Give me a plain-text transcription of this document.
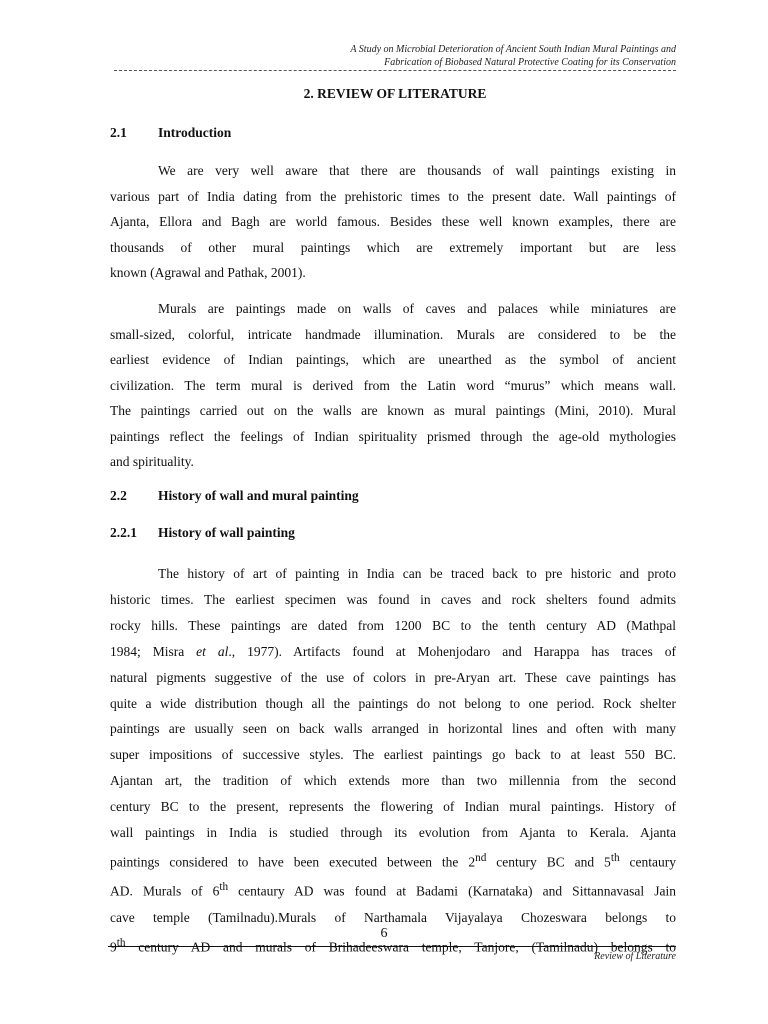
A Study on Microbial Deterioration of Ancient South Indian Mural Paintings and
Fabrication of Biobased Natural Protective Coating for its Conservation
2. REVIEW OF LITERATURE
2.1 Introduction

We are very well aware that there are thousands of wall paintings existing in
various part of India dating from the prehistoric times to the present date. Wall paintings of
Ajanta, Ellora and Bagh are world famous. Besides these well known examples, there are
thousands of other mural paintings which are extremely important but are less
known (Agrawal and Pathak, 2001).

Murals are paintings made on walls of caves and palaces while miniatures are
small-sized, colorful, intricate handmade illumination. Murals are considered to be the
earliest evidence of Indian paintings, which are unearthed as the symbol of ancient
civilization. The term mural is derived from the Latin word “murus” which means wall.
The paintings carried out on the walls are known as mural paintings (Mini, 2010). Mural
paintings reflect the feelings of Indian spirituality prismed through the age-old mythologies
and spirituality.

2.2 History of wall and mural painting
2.2.1 History of wall painting

The history of art of painting in India can be traced back to pre historic and proto
historic times. The earliest specimen was found in caves and rock shelters found admits
rocky hills. These paintings are dated from 1200 BC to the tenth century AD (Mathpal
1984; Misra et al., 1977). Artifacts found at Mohenjodaro and Harappa has traces of
natural pigments suggestive of the use of colors in pre-Aryan art. These cave paintings has
quite a wide distribution though all the paintings do not belong to one period. Rock shelter
paintings are usually seen on back walls arranged in horizontal lines and often with many
super impositions of successive styles. The earliest paintings go back to at least 550 BC.
Ajantan art, the tradition of which extends more than two millennia from the second
century BC to the present, represents the flowering of Indian mural paintings. History of
wall paintings in India is studied through its evolution from Ajanta to Kerala. Ajanta
paintings considered to have been executed between the 2nd century BC and 5th centaury
AD. Murals of 6th centaury AD was found at Badami (Karnataka) and Sittannavasal Jain
cave temple (Tamilnadu).Murals of Narthamala Vijayalaya Chozeswara belongs to
9th century AD and murals of Brihadeeswara temple, Tanjore, (Tamilnadu) belongs to

6
Review of Literature
